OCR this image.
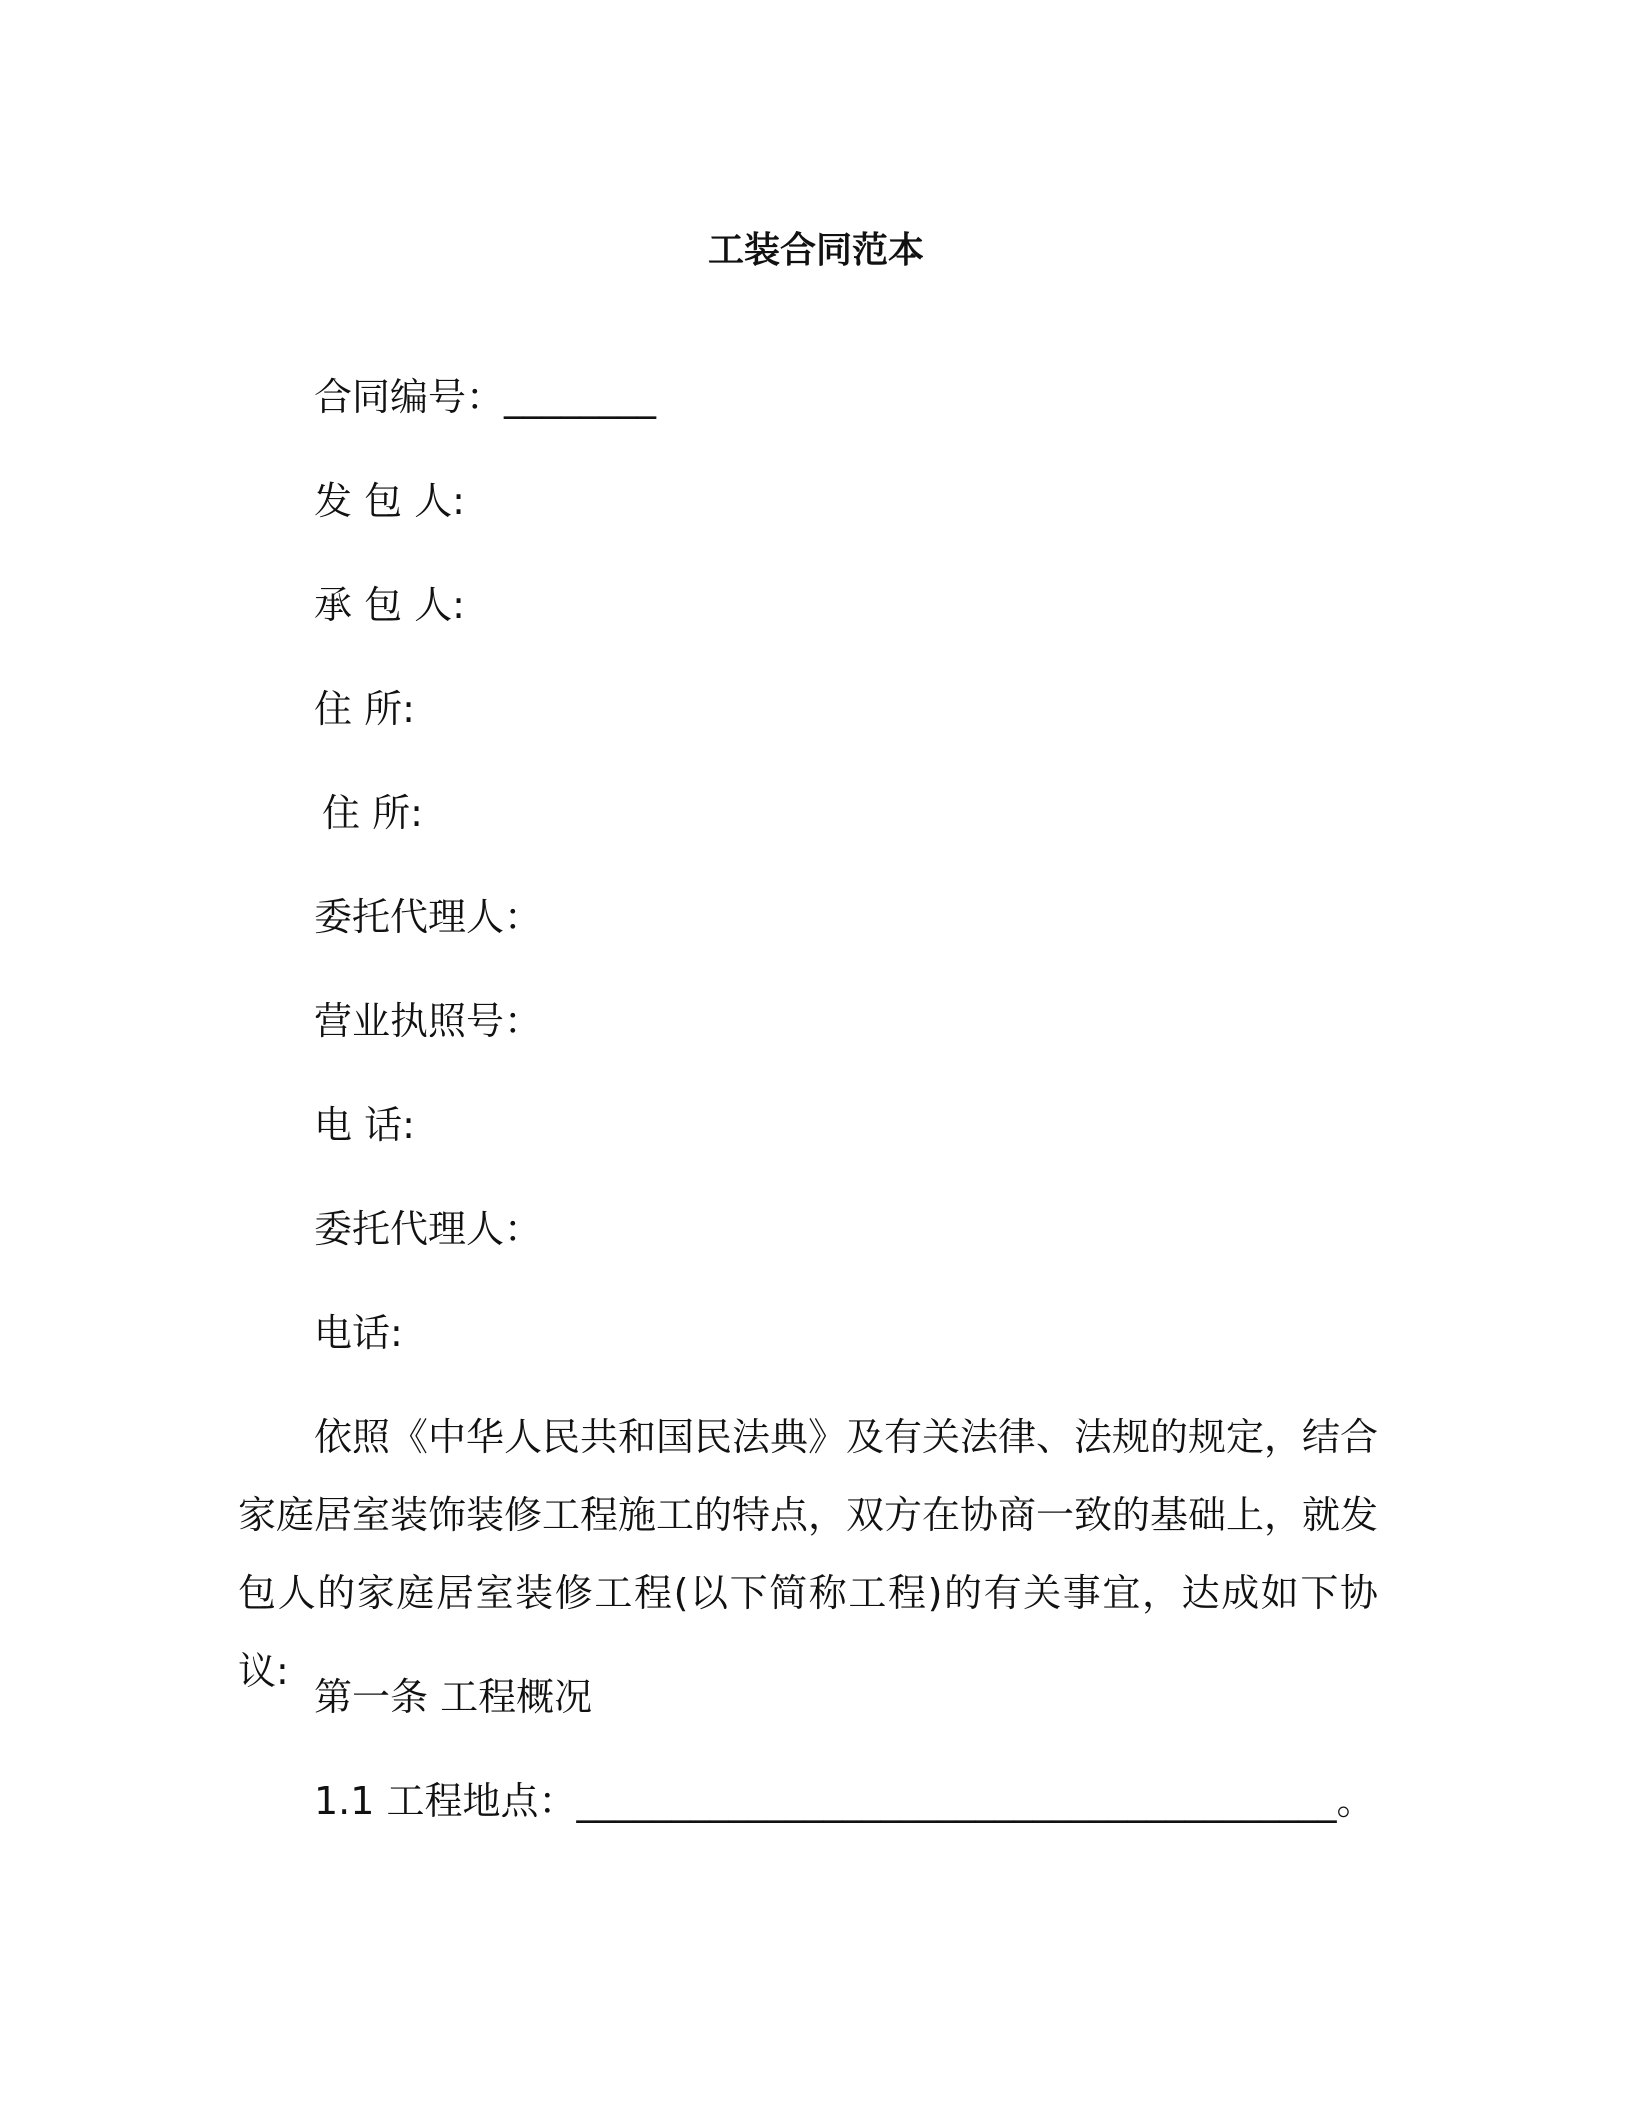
工装合同范本
合同编号：________
发 包 人:
承 包 人:
住 所:
住 所:
委托代理人：
营业执照号：
电 话:
委托代理人：
电话:
依照《中华人民共和国民法典》及有关法律、法规的规定，结合家庭居室装饰装修工程施工的特点，双方在协商一致的基础上，就发包人的家庭居室装修工程(以下简称工程)的有关事宜，达成如下协议:
第一条 工程概况
1.1 工程地点：________________________________________。
